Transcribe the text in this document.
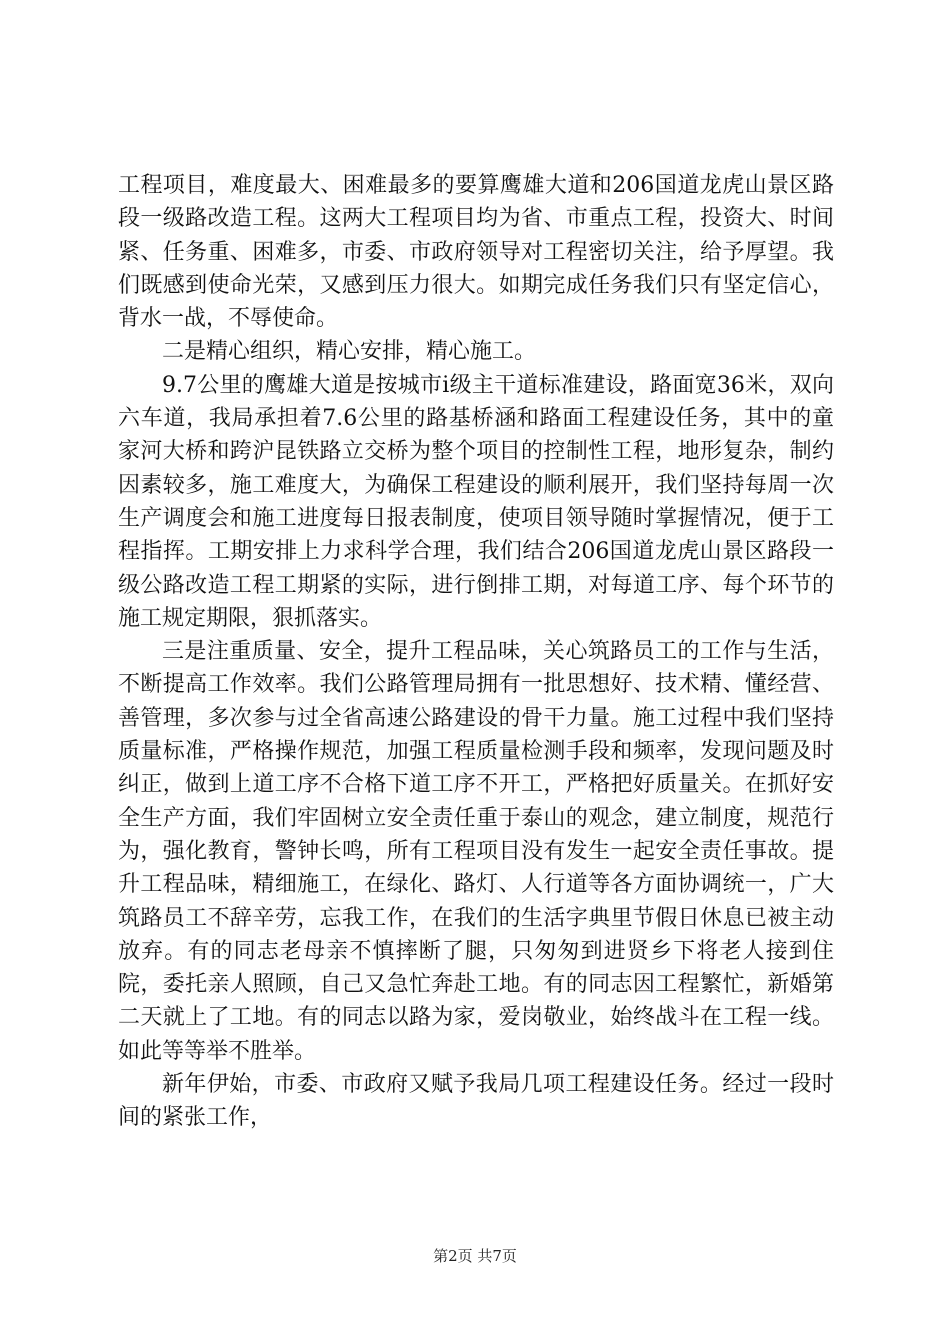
工程项目，难度最大、困难最多的要算鹰雄大道和206国道龙虎山景区路段一级路改造工程。这两大工程项目均为省、市重点工程，投资大、时间紧、任务重、困难多，市委、市政府领导对工程密切关注，给予厚望。我们既感到使命光荣，又感到压力很大。如期完成任务我们只有坚定信心，背水一战，不辱使命。

二是精心组织，精心安排，精心施工。

9.7公里的鹰雄大道是按城市ⅰ级主干道标准建设，路面宽36米，双向六车道，我局承担着7.6公里的路基桥涵和路面工程建设任务，其中的童家河大桥和跨沪昆铁路立交桥为整个项目的控制性工程，地形复杂，制约因素较多，施工难度大，为确保工程建设的顺利展开，我们坚持每周一次生产调度会和施工进度每日报表制度，使项目领导随时掌握情况，便于工程指挥。工期安排上力求科学合理，我们结合206国道龙虎山景区路段一级公路改造工程工期紧的实际，进行倒排工期，对每道工序、每个环节的施工规定期限，狠抓落实。

三是注重质量、安全，提升工程品味，关心筑路员工的工作与生活，不断提高工作效率。我们公路管理局拥有一批思想好、技术精、懂经营、善管理，多次参与过全省高速公路建设的骨干力量。施工过程中我们坚持质量标准，严格操作规范，加强工程质量检测手段和频率，发现问题及时纠正，做到上道工序不合格下道工序不开工，严格把好质量关。在抓好安全生产方面，我们牢固树立安全责任重于泰山的观念，建立制度，规范行为，强化教育，警钟长鸣，所有工程项目没有发生一起安全责任事故。提升工程品味，精细施工，在绿化、路灯、人行道等各方面协调统一，广大筑路员工不辞辛劳，忘我工作，在我们的生活字典里节假日休息已被主动放弃。有的同志老母亲不慎摔断了腿，只匆匆到进贤乡下将老人接到住院，委托亲人照顾，自己又急忙奔赴工地。有的同志因工程繁忙，新婚第二天就上了工地。有的同志以路为家，爱岗敬业，始终战斗在工程一线。如此等等举不胜举。

新年伊始，市委、市政府又赋予我局几项工程建设任务。经过一段时间的紧张工作，

第2页 共7页
